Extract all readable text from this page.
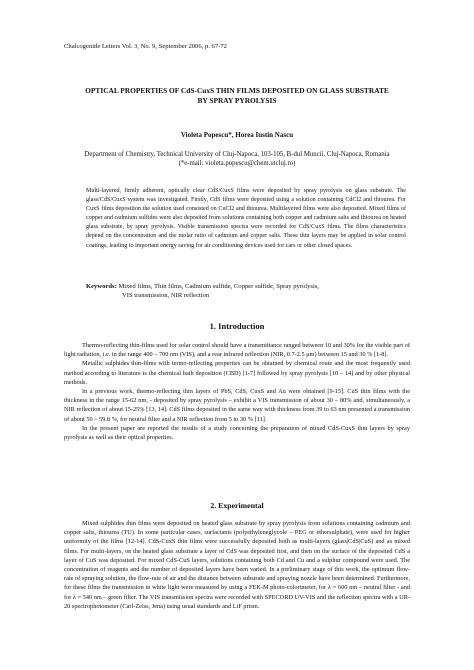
Chalcogenide Letters Vol. 3, No. 9, September 2006, p. 67-72
OPTICAL PROPERTIES OF CdS-CuxS THIN FILMS DEPOSITED ON GLASS SUBSTRATE
BY SPRAY PYROLYSIS
Violeta Popescu*, Horea Iustin Nascu
Department of Chemistry, Technical University of Cluj-Napoca, 103-105, B-dul Muncii, Cluj-Napoca, Romania
(*e-mail: violeta.popescu@chem.utcluj.ro)
Multi-layered, firmly adherent, optically clear CdS/CuxS films were deposited by spray pyrolysis on glass substrate. The glass/CdS/CuxS system was investigated. Firstly, CdS films were deposited using a solution containing CdCl2 and thiourea. For CuxS films deposition the solution used consisted on CuCl2 and thiourea. Multilayered films were also deposited. Mixed films of copper and cadmium sulfides were also deposited from solutions containing both copper and cadmium salts and thiourea on heated glass substrate, by spray pyrolysis. Visible transmission spectra were recorded for CdS/CuxS films. The films characteristics depend on the concentration and the molar ratio of cadmium and copper salts. These thin layers may be applied in solar control coatings, leading to important energy saving for air conditioning devices used for cars or other closed spaces.
Keywords: Mixed films, Thin films, Cadmium sulfide, Copper sulfide, Spray pyrolysis,
VIS transmission, NIR reflection
1. Introduction

Thermo-reflecting thin-films used for solar control should have a transmittance ranged between 10 and 30% for the visible part of light radiation, i.e. in the range 400 – 700 nm (VIS), and a rear infrared reflection (NIR, 0.7-2.5 μm) between 15 and 30 % [1-8].

Metallic sulphides thin-films with termo-reflecting properties can be obtained by chemical route and the most frequently used method according to literature is the chemical bath deposition (CBD) [1-7] followed by spray pyrolysis [10 – 14] and by other physical methods.

In a previous work, thermo-reflecting thin layers of PbS, CdS, CuxS and Au were obtained [9-15]. CuS thin films with the thickness in the range 15-62 nm, - deposited by spray pyrolysis – exhibit a VIS transmission of about 30 – 80% and, simultaneously, a NIR reflection of about 15-25% [13, 14]. CdS films deposited in the same way with thickness from 39 to 63 nm presented a transmission of about 50 – 59.8 %, for neutral filter and a NIR reflection from 5 to 30 % [11].

In the present paper are reported the results of a study concerning the preparation of mixed CdS-CuxS thin layers by spray pyrolysis as well as their optical properties.

2. Experimental

Mixed sulphides thin films were deposited on heated glass substrate by spray pyrolysis from solutions containing cadmium and copper salts, thiourea (TU). In some particular cases, surfactants (polyethyleneglycole – PEG or ethersulphate), were used for higher uniformity of the films [12-14]. CdS-CuxS thin films were successfully deposited both as multi-layers (glass|CdS|CuS) and as mixed films. For multi-layers, on the heated glass substrate a layer of CdS was deposited first, and then on the surface of the deposited CdS a layer of CuS was deposited. For mixed CdS-CuS layers, solutions containing both Cd and Cu and a sulphur compound were used. The concentration of reagents and the number of deposited layers have been varied. In a preliminary stage of this work, the optimum flow-rate of spraying solution, the flow-rate of air and the distance between substrate and spraying nozzle have been determined. Furthermore, for these films the transmission in white light were measured by using a FEK-M photo-colorimeter, for λ = 600 nm – neutral filter - and for λ = 540 nm – green filter. The VIS transmission spectra were recorded with SPECORD UV-VIS and the reflection spectra with a UR-20 spectrophotometer (Carl-Zeiss, Jena) using usual standards and LiF prism.
